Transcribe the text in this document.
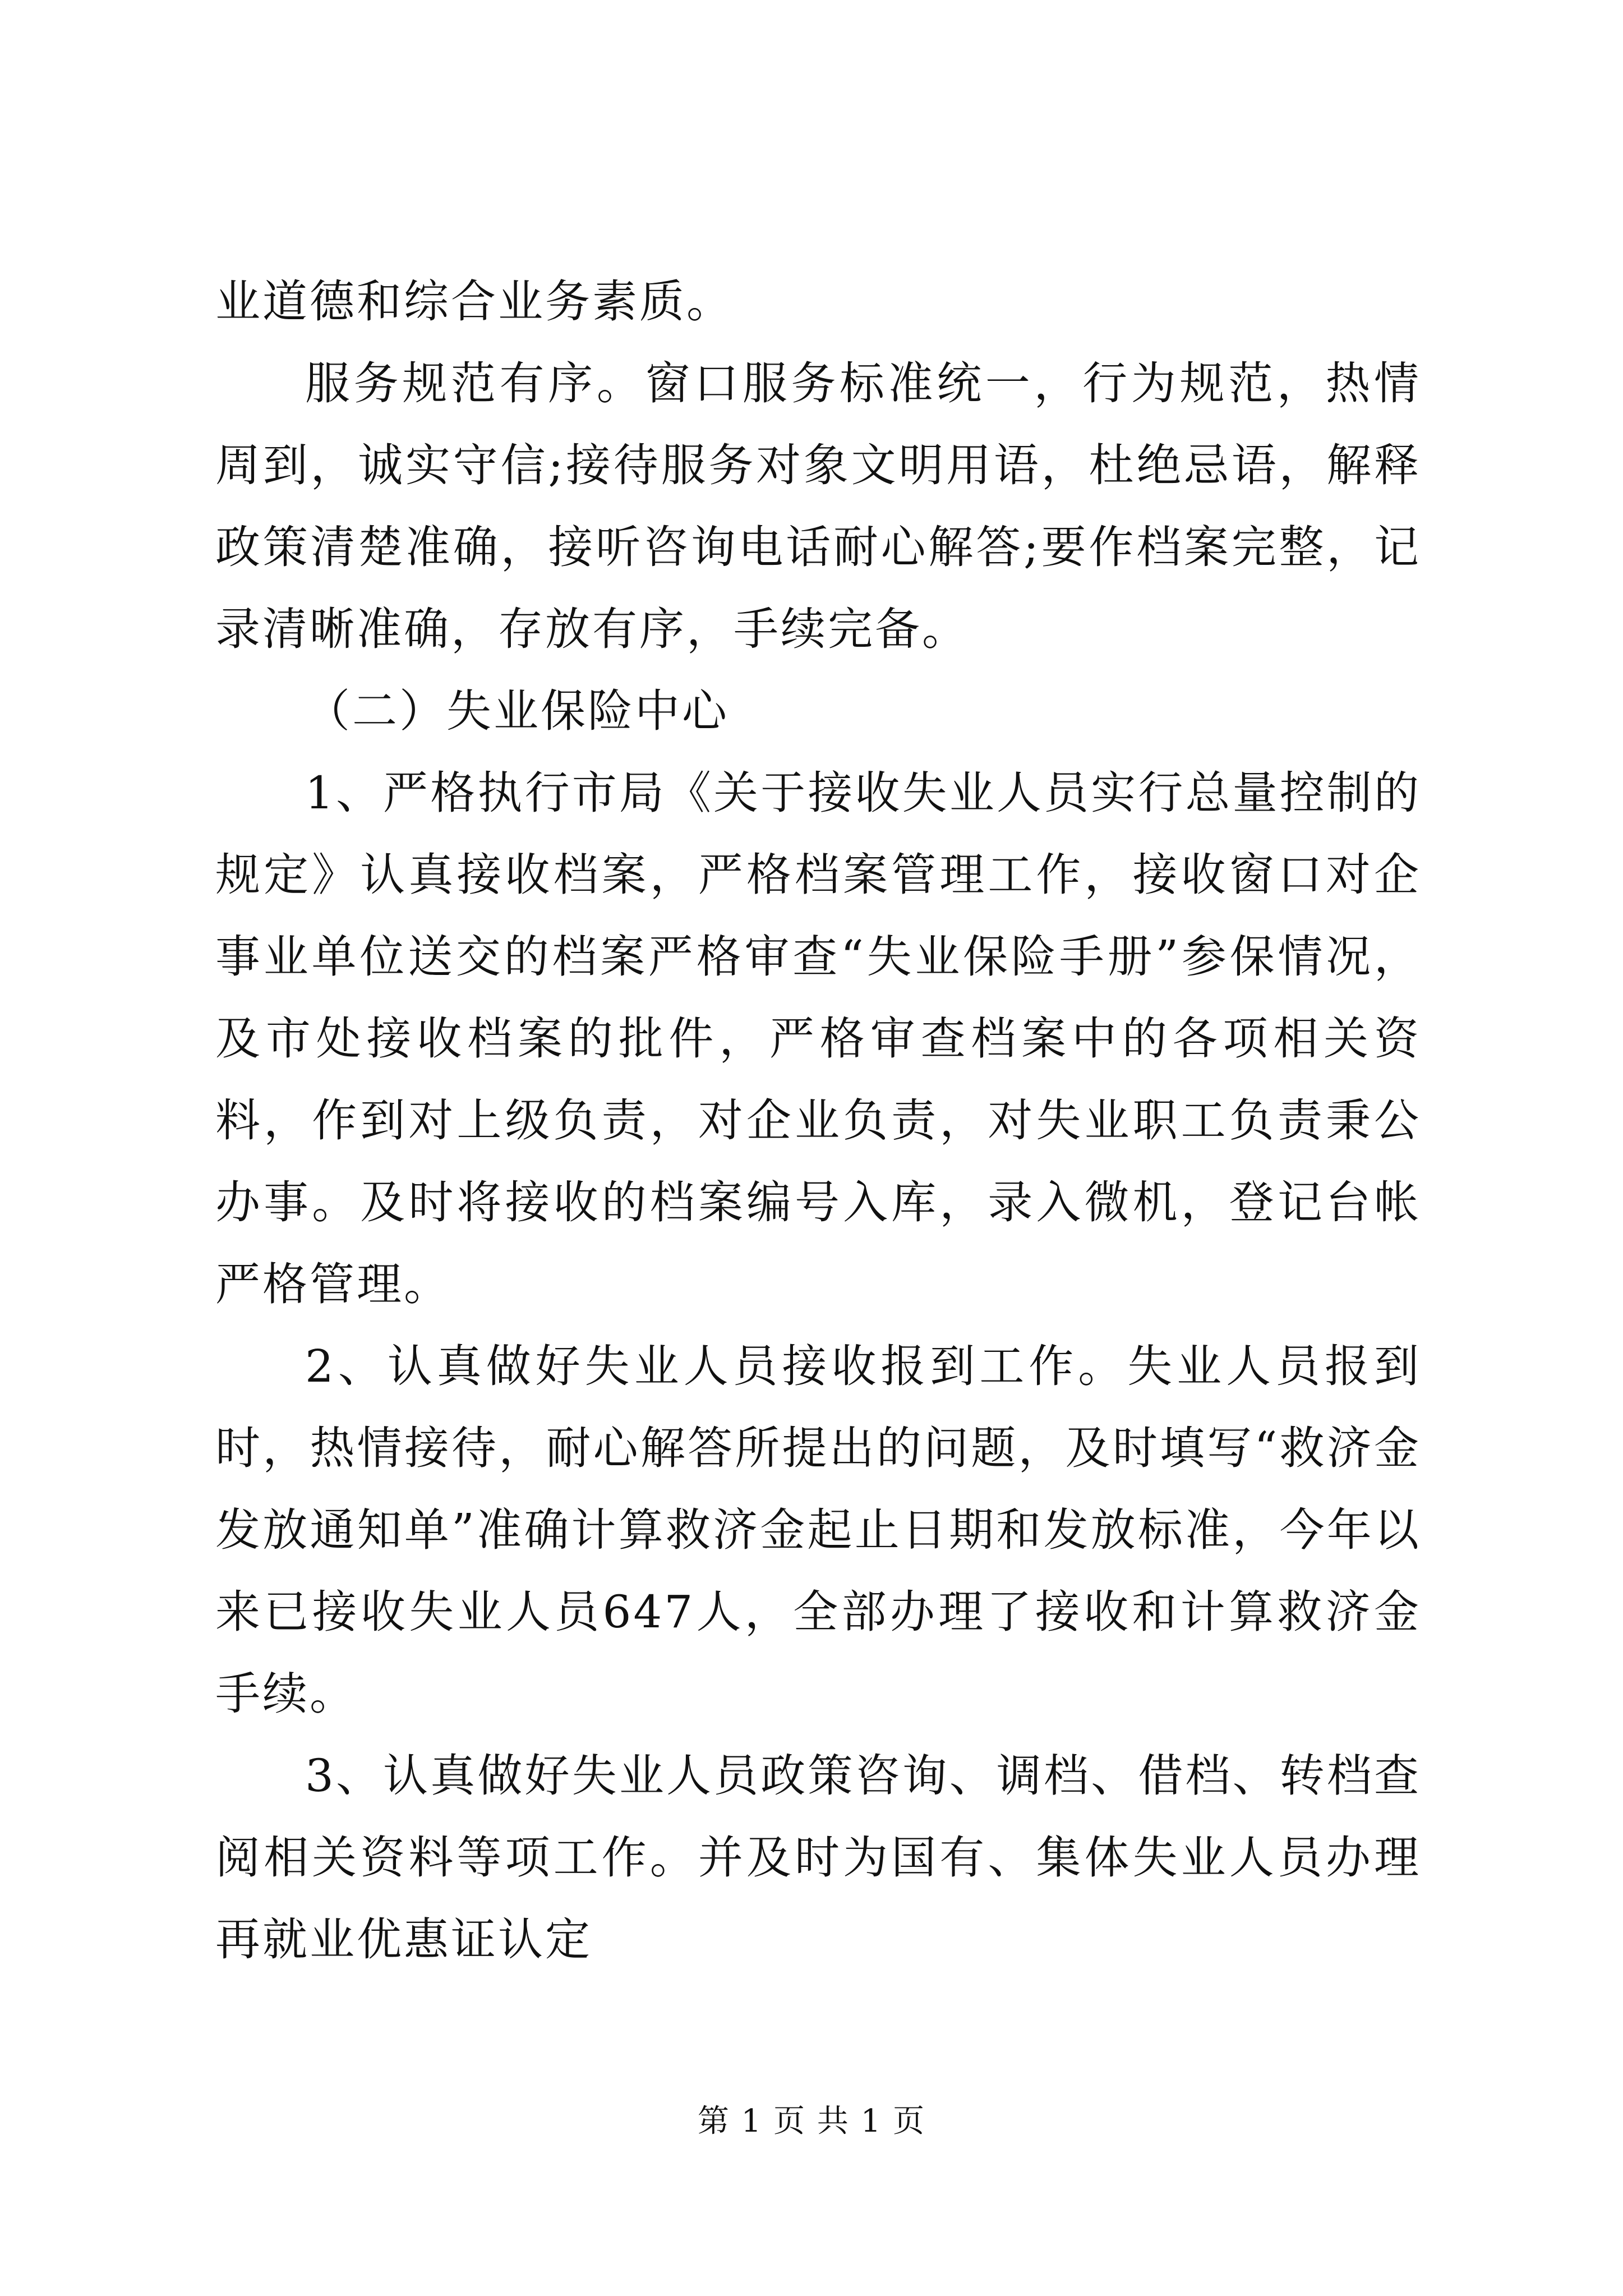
业道德和综合业务素质。

服务规范有序。窗口服务标准统一，行为规范，热情周到，诚实守信;接待服务对象文明用语，杜绝忌语，解释政策清楚准确，接听咨询电话耐心解答;要作档案完整，记录清晰准确，存放有序，手续完备。

（二）失业保险中心

1、严格执行市局《关于接收失业人员实行总量控制的规定》认真接收档案，严格档案管理工作，接收窗口对企事业单位送交的档案严格审查“失业保险手册”参保情况，及市处接收档案的批件，严格审查档案中的各项相关资料，作到对上级负责，对企业负责，对失业职工负责秉公办事。及时将接收的档案编号入库，录入微机，登记台帐严格管理。

2、认真做好失业人员接收报到工作。失业人员报到时，热情接待，耐心解答所提出的问题，及时填写“救济金发放通知单”准确计算救济金起止日期和发放标准，今年以来已接收失业人员647人，全部办理了接收和计算救济金手续。

3、认真做好失业人员政策咨询、调档、借档、转档查阅相关资料等项工作。并及时为国有、集体失业人员办理再就业优惠证认定

第 1 页 共 1 页
